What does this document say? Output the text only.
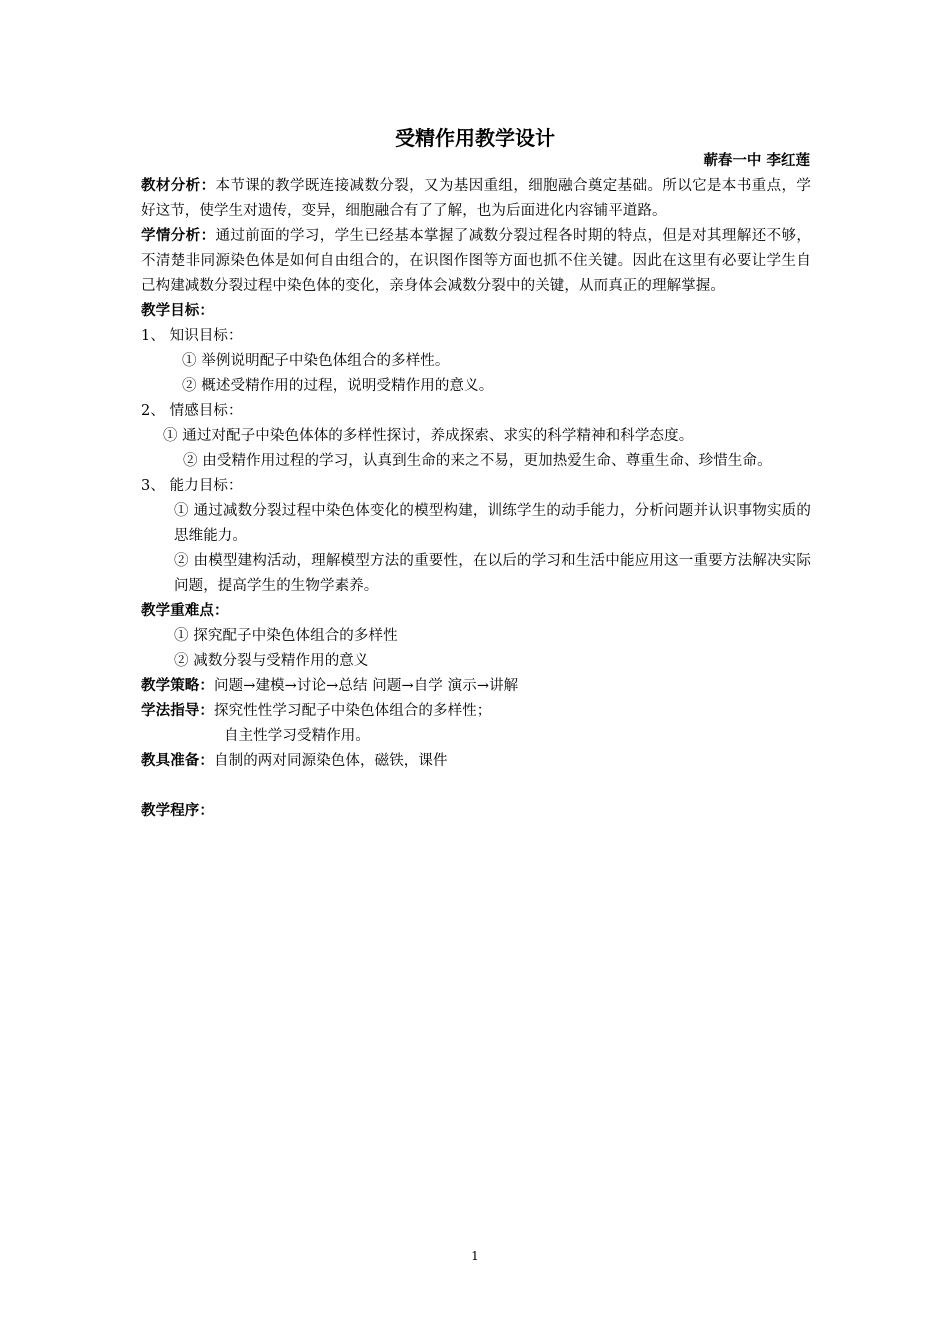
受精作用教学设计
蕲春一中 李红莲

教材分析：本节课的教学既连接减数分裂，又为基因重组，细胞融合奠定基础。所以它是本书重点，学好这节，使学生对遗传，变异，细胞融合有了了解，也为后面进化内容铺平道路。

学情分析：通过前面的学习，学生已经基本掌握了减数分裂过程各时期的特点，但是对其理解还不够，不清楚非同源染色体是如何自由组合的，在识图作图等方面也抓不住关键。因此在这里有必要让学生自己构建减数分裂过程中染色体的变化，亲身体会减数分裂中的关键，从而真正的理解掌握。

教学目标：

1、 知识目标：

① 举例说明配子中染色体组合的多样性。

② 概述受精作用的过程，说明受精作用的意义。

2、 情感目标：

① 通过对配子中染色体体的多样性探讨，养成探索、求实的科学精神和科学态度。

② 由受精作用过程的学习，认真到生命的来之不易，更加热爱生命、尊重生命、珍惜生命。

3、 能力目标：

① 通过减数分裂过程中染色体变化的模型构建，训练学生的动手能力，分析问题并认识事物实质的思维能力。

② 由模型建构活动，理解模型方法的重要性，在以后的学习和生活中能应用这一重要方法解决实际问题，提高学生的生物学素养。

教学重难点：

① 探究配子中染色体组合的多样性

② 减数分裂与受精作用的意义

教学策略：问题→建模→讨论→总结 问题→自学 演示→讲解

学法指导：探究性性学习配子中染色体组合的多样性；

自主性学习受精作用。

教具准备：自制的两对同源染色体，磁铁，课件

教学程序：

1
